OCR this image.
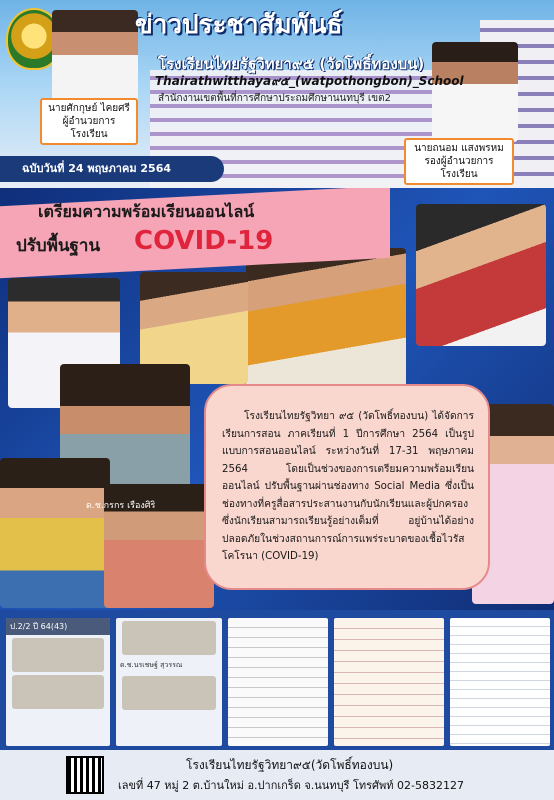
ข่าวประชาสัมพันธ์
โรงเรียนไทยรัฐวิทยา๙๕ (วัดโพธิ์ทองบน)
Thairathwitthaya๙๕_(watpothongbon)_School
สำนักงานเขตพื้นที่การศึกษาประถมศึกษานนทบุรี เขต2
นายศักกุษย์ ไคยศรี
ผู้อำนวยการโรงเรียน
นายถนอม แสงพรหม
รองผู้อำนวยการโรงเรียน
ฉบับวันที่ 24 พฤษภาคม 2564
เตรียมความพร้อมเรียนออนไลน์
ปรับพื้นฐาน COVID-19
ด.ช.กรกร เรืองศิริ

โรงเรียนไทยรัฐวิทยา ๙๕ (วัดโพธิ์ทองบน) ได้จัดการเรียนการสอน ภาคเรียนที่ 1 ปีการศึกษา 2564 เป็นรูปแบบการสอนออนไลน์ ระหว่างวันที่ 17-31 พฤษภาคม 2564 โดยเป็นช่วงของการเตรียมความพร้อมเรียนออนไลน์ ปรับพื้นฐานผ่านช่องทาง Social Media ซึ่งเป็นช่องทางที่ครูสื่อสารประสานงานกับนักเรียนและผู้ปกครอง ซึ่งนักเรียนสามารถเรียนรู้อย่างเต็มที่ อยู่บ้านได้อย่างปลอดภัยในช่วงสถานการณ์การแพร่ระบาดของเชื้อไวรัสโคโรนา (COVID-19)

ป.2/2 ปี 64(43)
ด.ช.นรเชษฐ์ สุวรรณ
โรงเรียนไทยรัฐวิทยา๙๕(วัดโพธิ์ทองบน)
เลขที่ 47 หมู่ 2 ต.บ้านใหม่ อ.ปากเกร็ด จ.นนทบุรี โทรศัพท์ 02-5832127
